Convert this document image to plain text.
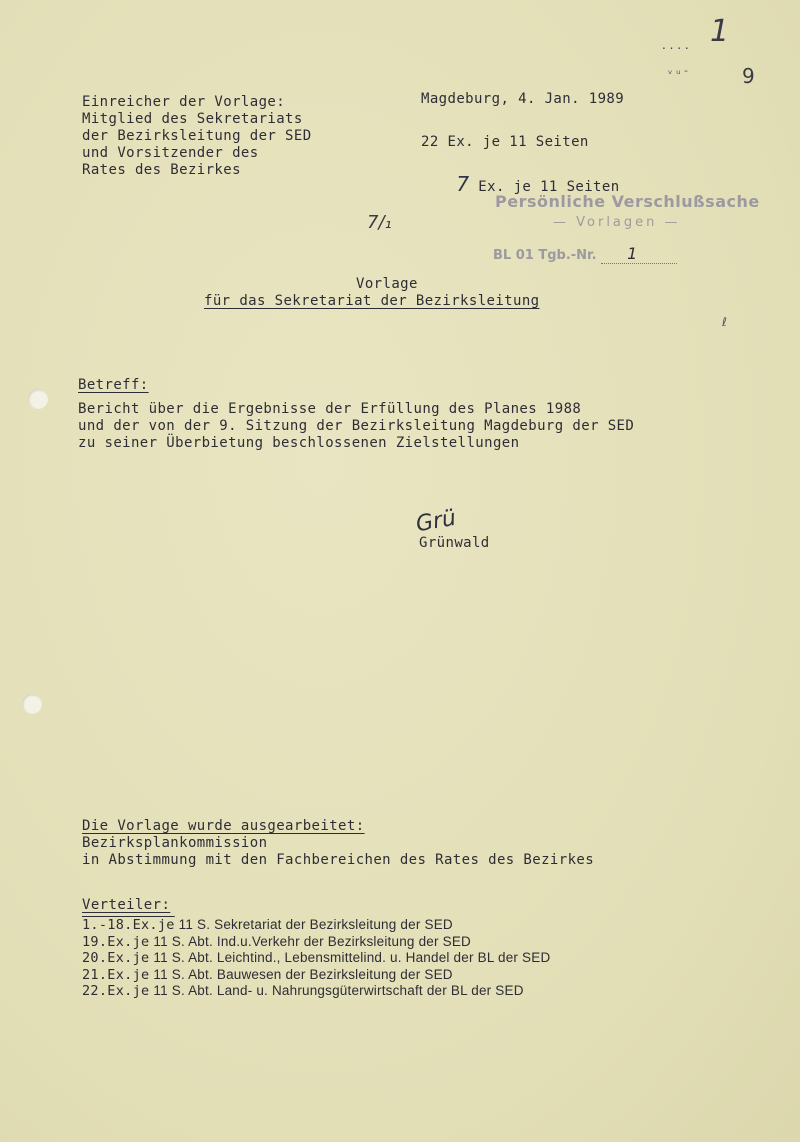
1
. . . .
ᵥ ᵤ -	9
Einreicher der Vorlage:
Mitglied des Sekretariats
der Bezirksleitung der SED
und Vorsitzender des
Rates des Bezirkes
Magdeburg, 4. Jan. 1989
22 Ex. je 11 Seiten

7 Ex. je 11 Seiten

Persönliche Verschlußsache
— Vorlagen —
BL 01 Tgb.-Nr. 1
7/₁
ℓ
Vorlage
für das Sekretariat der Bezirksleitung
Betreff:
Bericht über die Ergebnisse der Erfüllung des Planes 1988
und der von der 9. Sitzung der Bezirksleitung Magdeburg der SED
zu seiner Überbietung beschlossenen Zielstellungen
Grü
Grünwald
Die Vorlage wurde ausgearbeitet:
Bezirksplankommission
in Abstimmung mit den Fachbereichen des Rates des Bezirkes
Verteiler:
1.-18.Ex.je 11 S. Sekretariat der Bezirksleitung der SED
19.Ex.je 11 S. Abt. Ind.u.Verkehr der Bezirksleitung der SED
20.Ex.je 11 S. Abt. Leichtind., Lebensmittelind. u. Handel der BL der SED
21.Ex.je 11 S. Abt. Bauwesen der Bezirksleitung der SED
22.Ex.je 11 S. Abt. Land- u. Nahrungsgüterwirtschaft der BL der SED
